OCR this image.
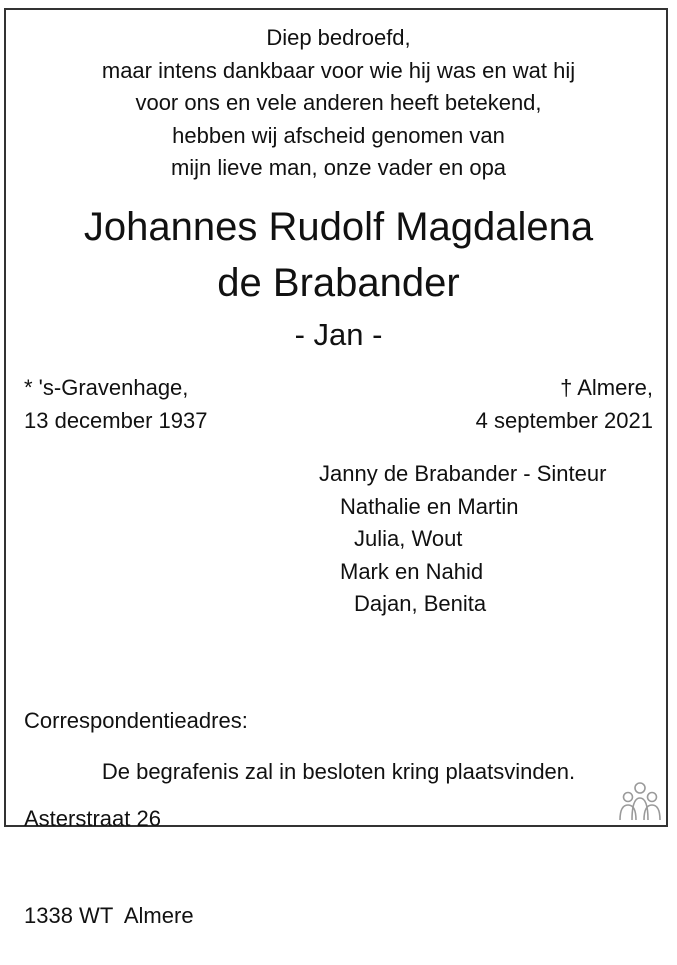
Diep bedroefd,
maar intens dankbaar voor wie hij was en wat hij
voor ons en vele anderen heeft betekend,
hebben wij afscheid genomen van
mijn lieve man, onze vader en opa
Johannes Rudolf Magdalena
de Brabander
- Jan -
* 's-Gravenhage,
13 december 1937
† Almere,
4 september 2021
Janny de Brabander - Sinteur
Nathalie en Martin
Julia, Wout
Mark en Nahid
Dajan, Benita

Correspondentieadres:

Asterstraat 26

1338 WT  Almere

De begrafenis zal in besloten kring plaatsvinden.
